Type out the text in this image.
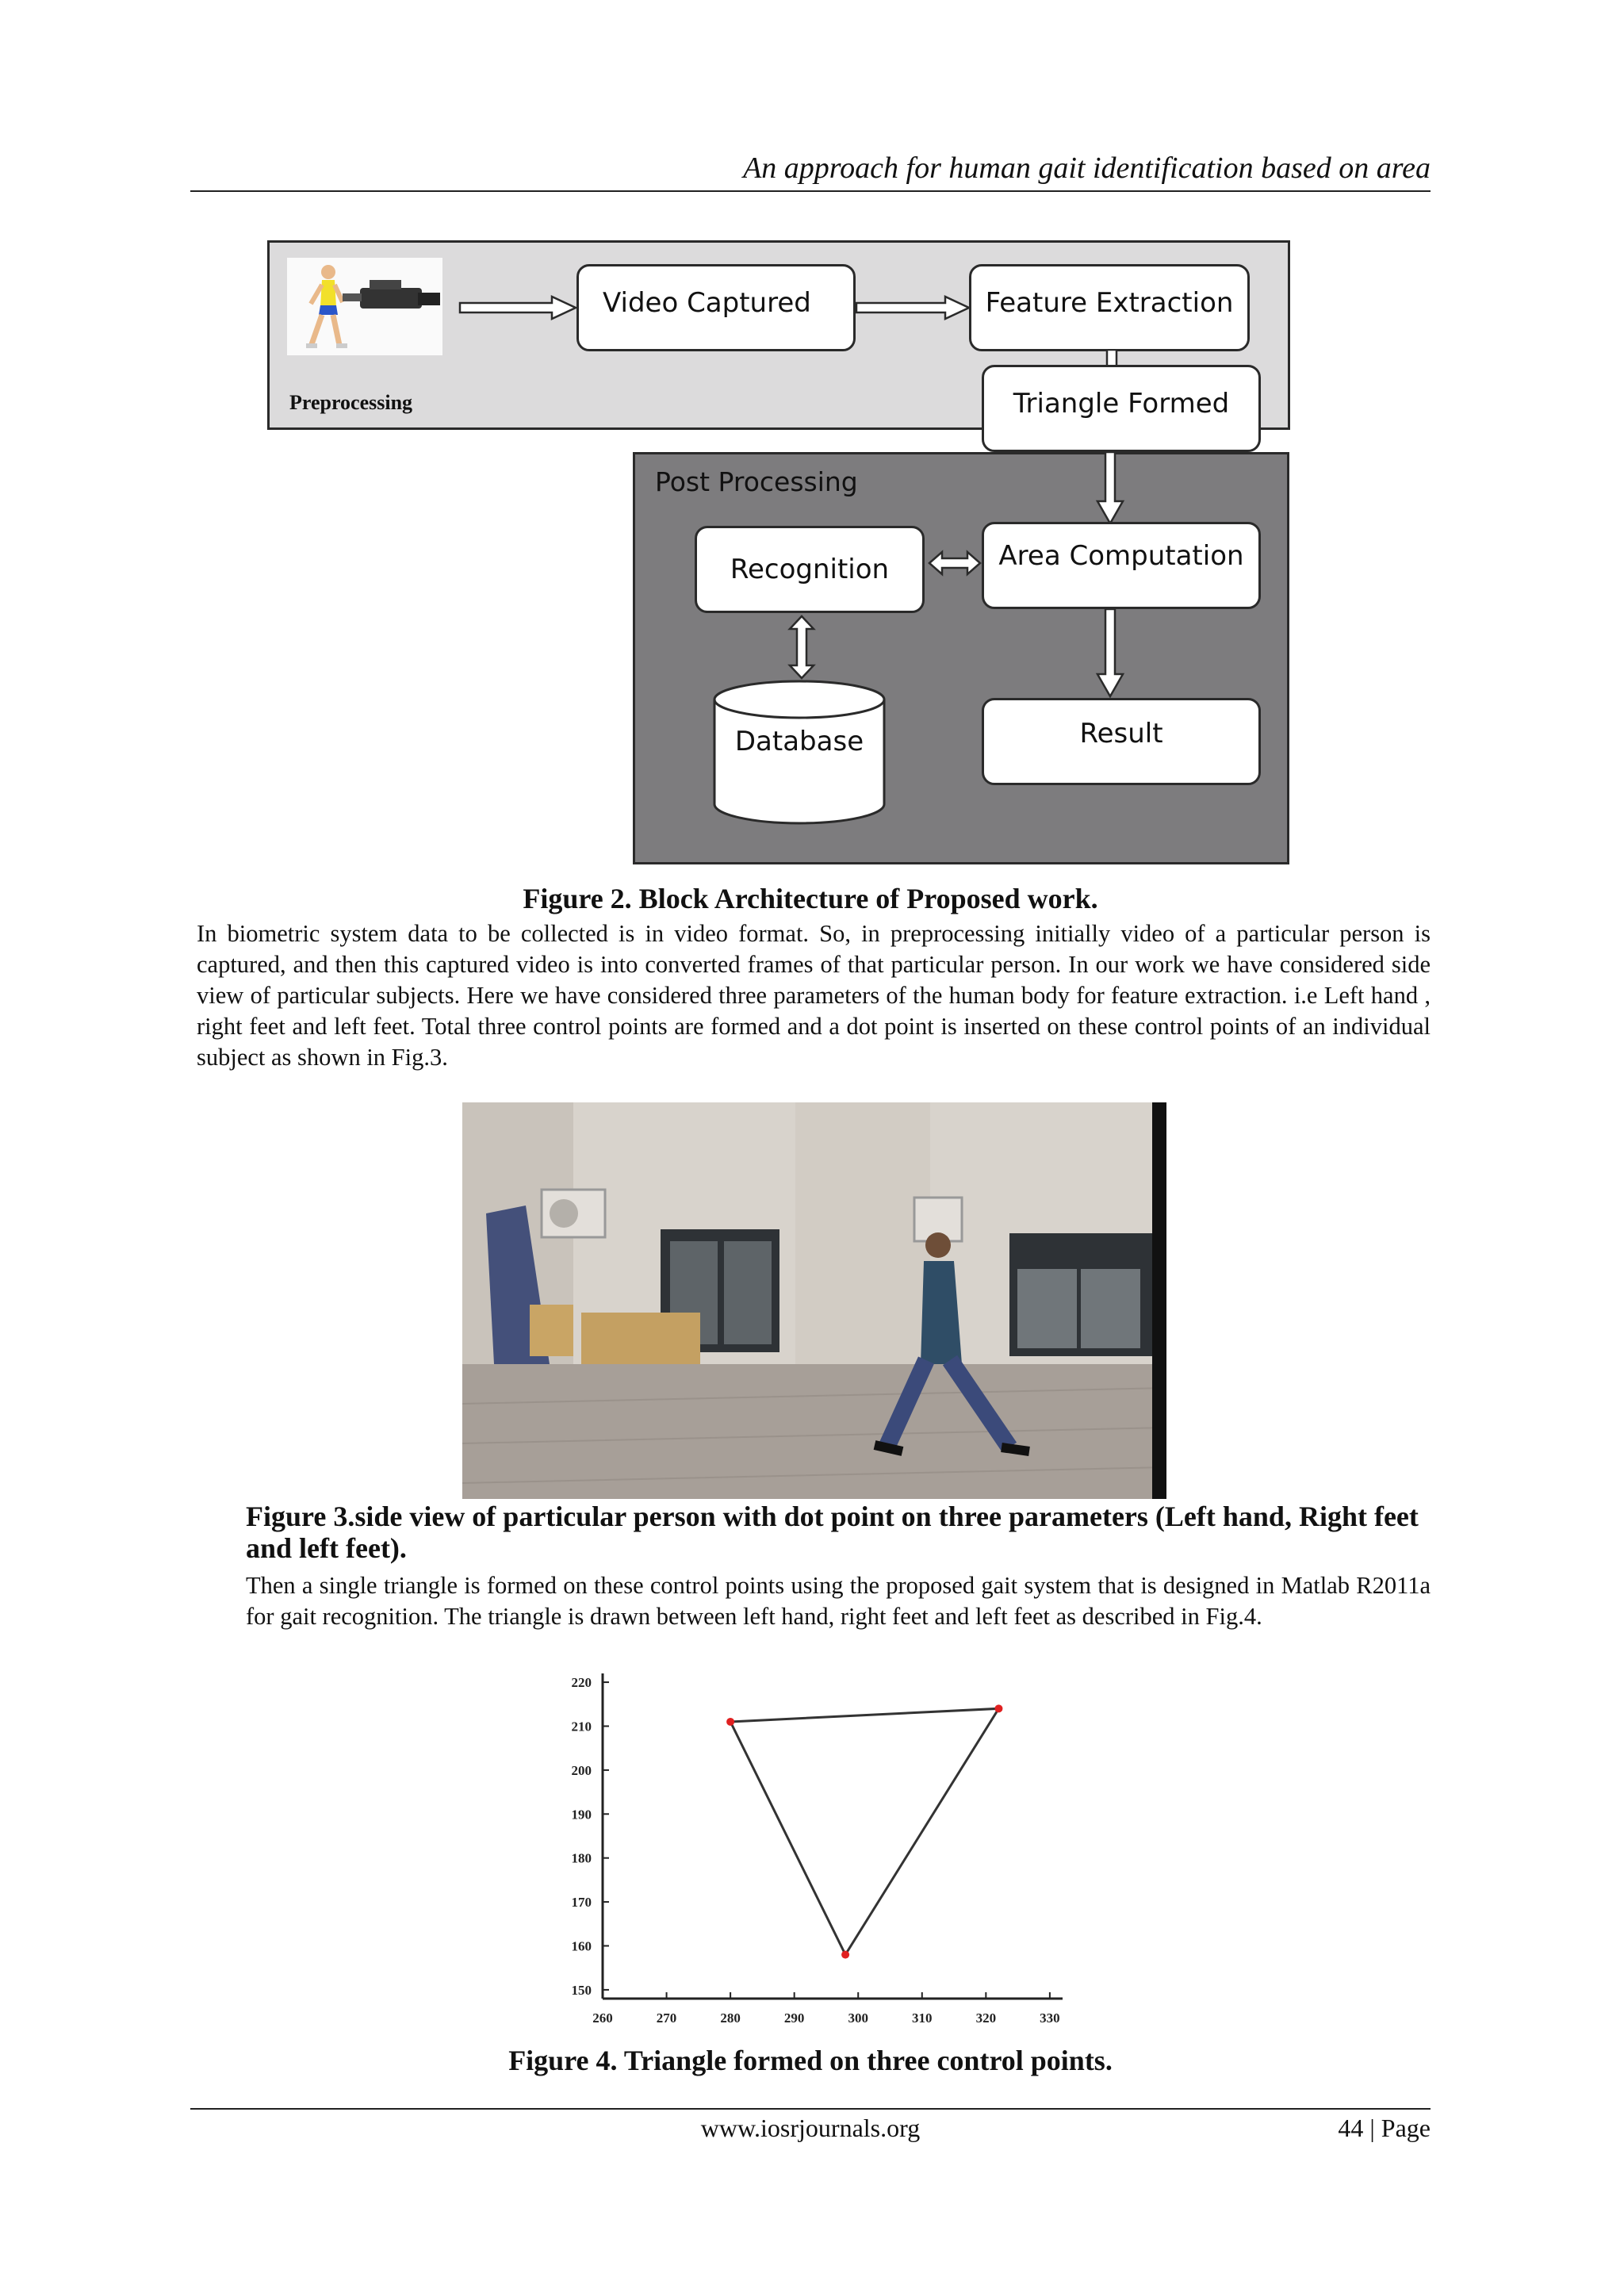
An approach for human gait identification based on area
Preprocessing
Video Captured	Feature Extraction
Triangle Formed
Post Processing
Area Computation
Recognition
Database	Result
Figure 2. Block Architecture of Proposed work.
In biometric system data to be collected is in video format. So, in preprocessing initially video of a particular person is captured, and then this captured video is into converted frames of that particular person. In our work we have considered side view of particular subjects. Here we have considered three parameters of the human body for feature extraction. i.e Left hand , right feet and left feet. Total three control points are formed and a dot point is inserted on these control points of an individual subject as shown in Fig.3.
Figure 3.side view of particular person with dot point on three parameters (Left hand, Right feet and left feet).
Then a single triangle is formed on these control points using the proposed gait system that is designed in Matlab R2011a for gait recognition. The triangle is drawn between left hand, right feet and left feet as described in Fig.4.
260	270	280	290	300	310	320	330
150
160
170
180
190
200
210
220
Figure 4. Triangle formed on three control points.
www.iosrjournals.org	44 | Page
